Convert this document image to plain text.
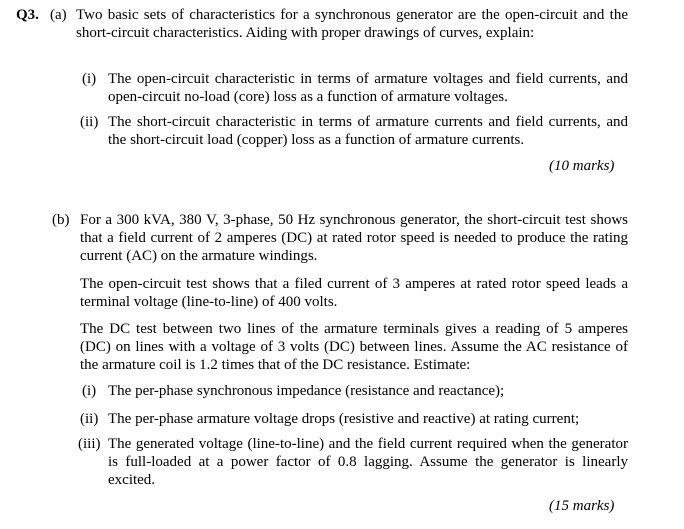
Q3. (a) Two basic sets of characteristics for a synchronous generator are the open-circuit and the short-circuit characteristics. Aiding with proper drawings of curves, explain:

(i) The open-circuit characteristic in terms of armature voltages and field currents, and open-circuit no-load (core) loss as a function of armature voltages.

(ii) The short-circuit characteristic in terms of armature currents and field currents, and the short-circuit load (copper) loss as a function of armature currents.

(10 marks)
(b) For a 300 kVA, 380 V, 3-phase, 50 Hz synchronous generator, the short-circuit test shows that a field current of 2 amperes (DC) at rated rotor speed is needed to produce the rating current (AC) on the armature windings.

The open-circuit test shows that a filed current of 3 amperes at rated rotor speed leads a terminal voltage (line-to-line) of 400 volts.

The DC test between two lines of the armature terminals gives a reading of 5 amperes (DC) on lines with a voltage of 3 volts (DC) between lines. Assume the AC resistance of the armature coil is 1.2 times that of the DC resistance. Estimate:

(i) The per-phase synchronous impedance (resistance and reactance);

(ii) The per-phase armature voltage drops (resistive and reactive) at rating current;

(iii) The generated voltage (line-to-line) and the field current required when the generator is full-loaded at a power factor of 0.8 lagging. Assume the generator is linearly excited.

(15 marks)
